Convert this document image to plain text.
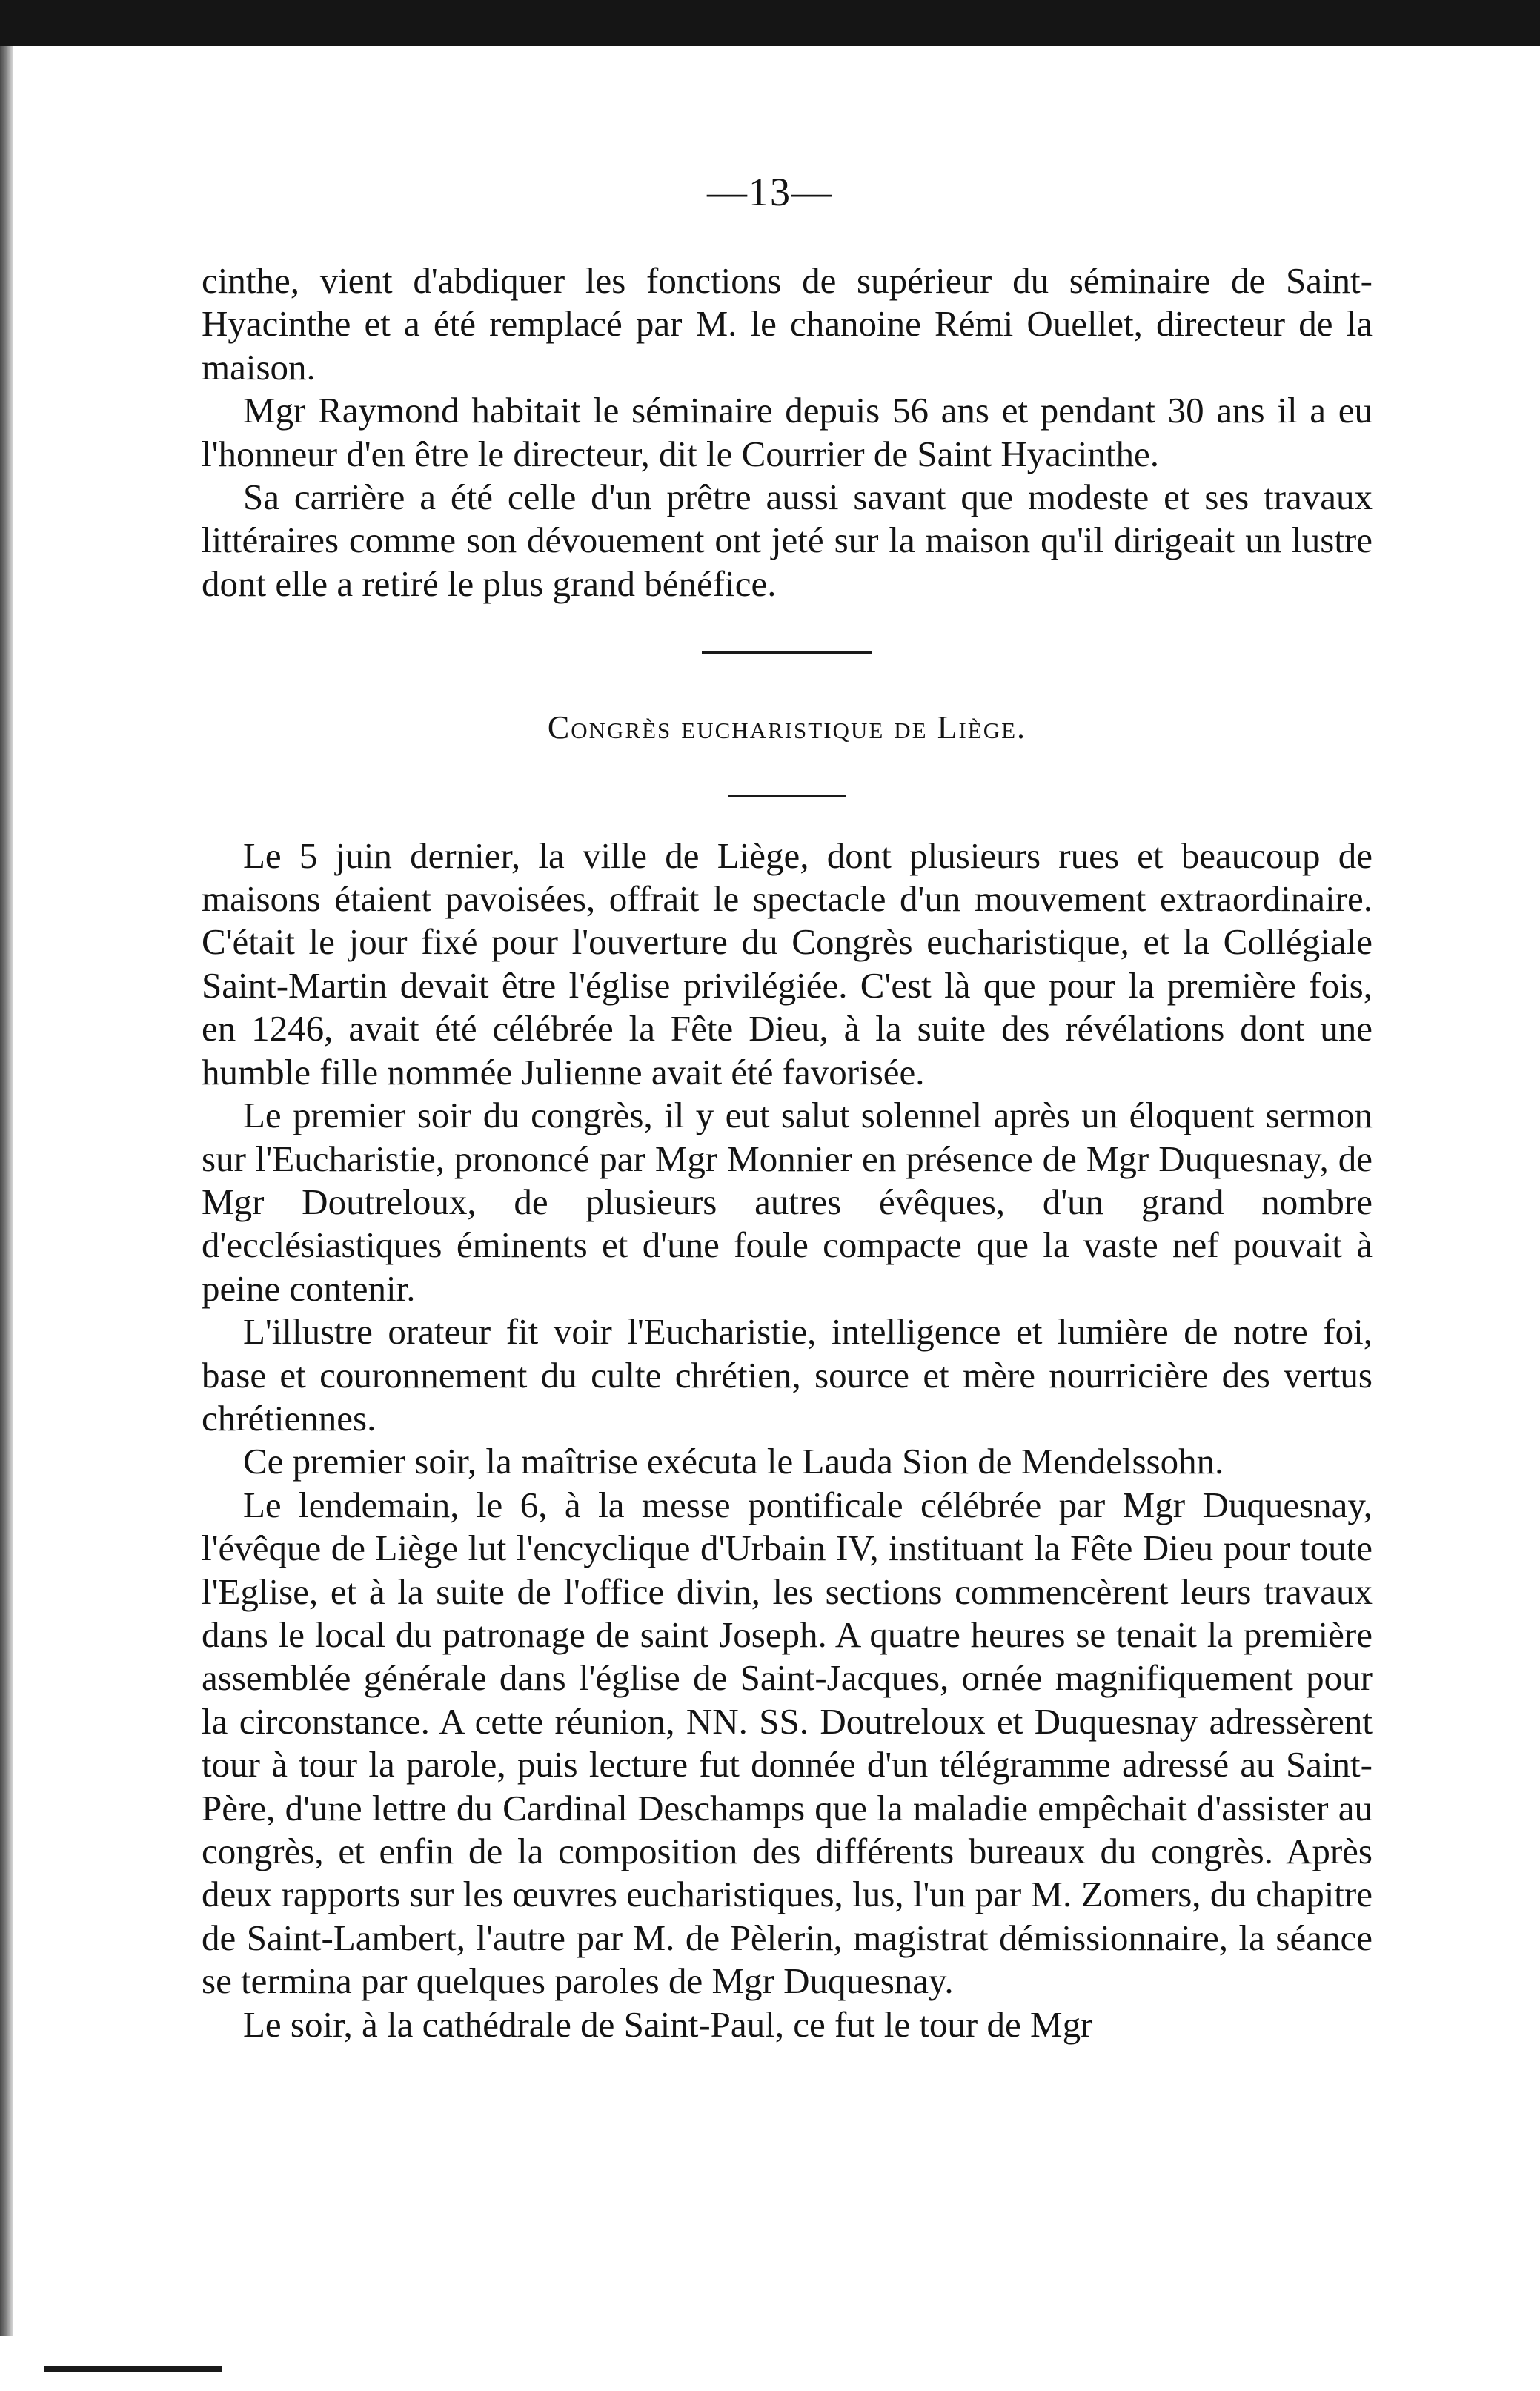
—13—

cinthe, vient d'abdiquer les fonctions de supérieur du séminaire de Saint-Hyacinthe et a été remplacé par M. le chanoine Rémi Ouellet, directeur de la maison.

Mgr Raymond habitait le séminaire depuis 56 ans et pendant 30 ans il a eu l'honneur d'en être le directeur, dit le Courrier de Saint Hyacinthe.

Sa carrière a été celle d'un prêtre aussi savant que modeste et ses travaux littéraires comme son dévouement ont jeté sur la maison qu'il dirigeait un lustre dont elle a retiré le plus grand bénéfice.

Congrès eucharistique de Liège.

Le 5 juin dernier, la ville de Liège, dont plusieurs rues et beaucoup de maisons étaient pavoisées, offrait le spectacle d'un mouvement extraordinaire. C'était le jour fixé pour l'ouverture du Congrès eucharistique, et la Collégiale Saint-Martin devait être l'église privilégiée. C'est là que pour la première fois, en 1246, avait été célébrée la Fête Dieu, à la suite des révélations dont une humble fille nommée Julienne avait été favorisée.

Le premier soir du congrès, il y eut salut solennel après un éloquent sermon sur l'Eucharistie, prononcé par Mgr Monnier en présence de Mgr Duquesnay, de Mgr Doutreloux, de plusieurs autres évêques, d'un grand nombre d'ecclésiastiques éminents et d'une foule compacte que la vaste nef pouvait à peine contenir.

L'illustre orateur fit voir l'Eucharistie, intelligence et lumière de notre foi, base et couronnement du culte chrétien, source et mère nourricière des vertus chrétiennes.

Ce premier soir, la maîtrise exécuta le Lauda Sion de Mendelssohn.

Le lendemain, le 6, à la messe pontificale célébrée par Mgr Duquesnay, l'évêque de Liège lut l'encyclique d'Urbain IV, instituant la Fête Dieu pour toute l'Eglise, et à la suite de l'office divin, les sections commencèrent leurs travaux dans le local du patronage de saint Joseph. A quatre heures se tenait la première assemblée générale dans l'église de Saint-Jacques, ornée magnifiquement pour la circonstance. A cette réunion, NN. SS. Doutreloux et Duquesnay adressèrent tour à tour la parole, puis lecture fut donnée d'un télégramme adressé au Saint-Père, d'une lettre du Cardinal Deschamps que la maladie empêchait d'assister au congrès, et enfin de la composition des différents bureaux du congrès. Après deux rapports sur les œuvres eucharistiques, lus, l'un par M. Zomers, du chapitre de Saint-Lambert, l'autre par M. de Pèlerin, magistrat démissionnaire, la séance se termina par quelques paroles de Mgr Duquesnay.

Le soir, à la cathédrale de Saint-Paul, ce fut le tour de Mgr
